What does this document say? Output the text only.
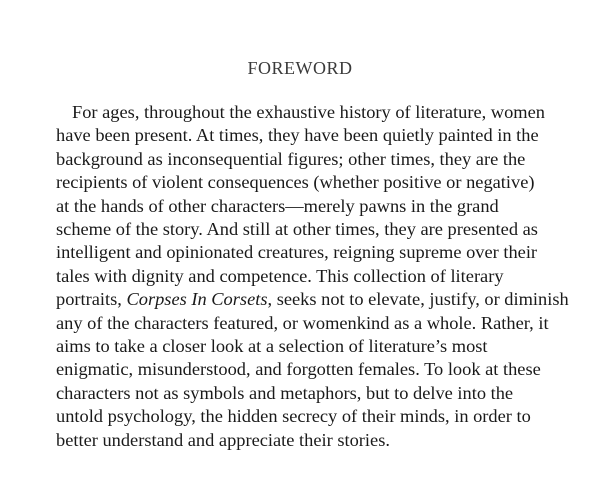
FOREWORD

For ages, throughout the exhaustive history of literature, women
have been present. At times, they have been quietly painted in the
background as inconsequential figures; other times, they are the
recipients of violent consequences (whether positive or negative)
at the hands of other characters—merely pawns in the grand
scheme of the story. And still at other times, they are presented as
intelligent and opinionated creatures, reigning supreme over their
tales with dignity and competence. This collection of literary
portraits, Corpses In Corsets, seeks not to elevate, justify, or diminish
any of the characters featured, or womenkind as a whole. Rather, it
aims to take a closer look at a selection of literature’s most
enigmatic, misunderstood, and forgotten females. To look at these
characters not as symbols and metaphors, but to delve into the
untold psychology, the hidden secrecy of their minds, in order to
better understand and appreciate their stories.
